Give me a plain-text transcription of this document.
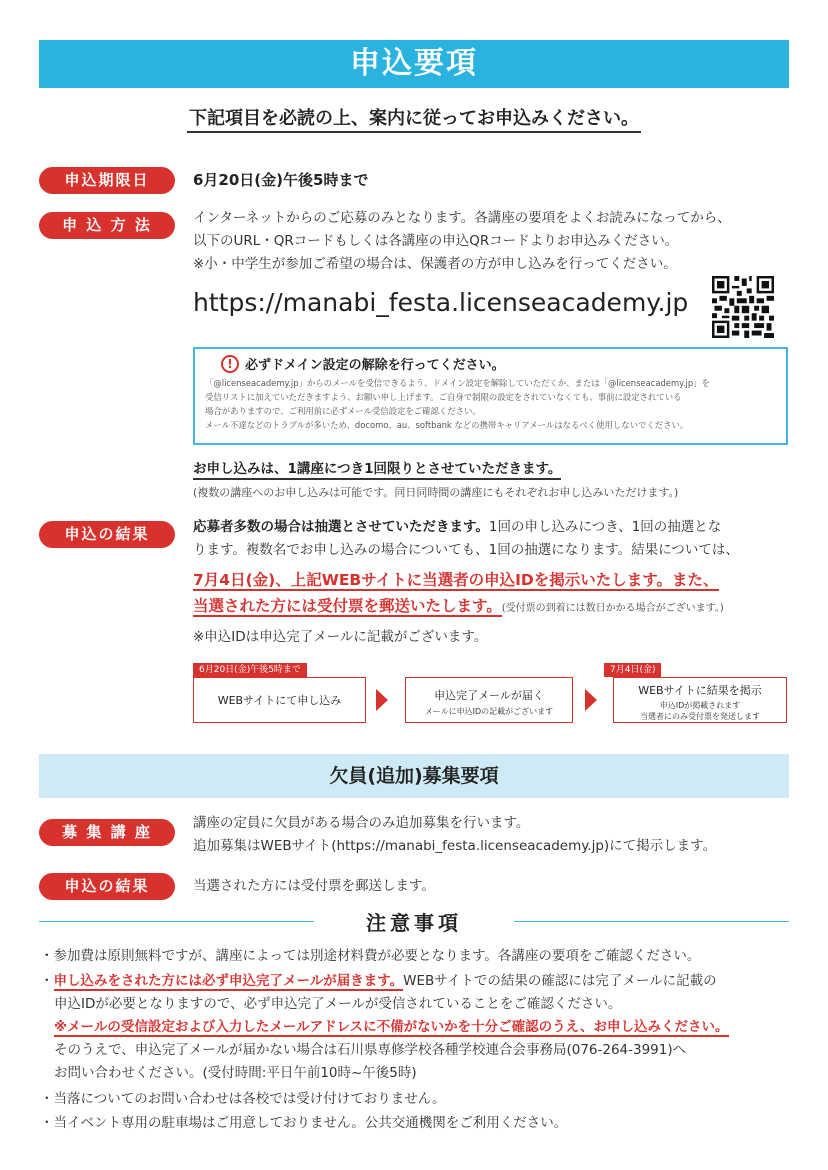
申込要項
下記項目を必読の上、案内に従ってお申込みください。
申込期限日	6月20日(金)午後5時まで
申 込 方 法	インターネットからのご応募のみとなります。各講座の要項をよくお読みになってから、
以下のURL・QRコードもしくは各講座の申込QRコードよりお申込みください。
※小・中学生が参加ご希望の場合は、保護者の方が申し込みを行ってください。
https://manabi_festa.licenseacademy.jp
! 必ずドメイン設定の解除を行ってください。
「@licenseacademy.jp」からのメールを受信できるよう、ドメイン設定を解除していただくか、または「@licenseacademy.jp」を
受信リストに加えていただきますよう、お願い申し上げます。ご自身で制限の設定をされていなくても、事前に設定されている
場合がありますので、ご利用前に必ずメール受信設定をご確認ください。
メール不達などのトラブルが多いため、docomo、au、softbank などの携帯キャリアメールはなるべく使用しないでください。
お申し込みは、1講座につき1回限りとさせていただきます。
(複数の講座へのお申し込みは可能です。同日同時間の講座にもそれぞれお申し込みいただけます。)
申込の結果	応募者多数の場合は抽選とさせていただきます。1回の申し込みにつき、1回の抽選とな
ります。複数名でお申し込みの場合についても、1回の抽選になります。結果については、
7月4日(金)、上記WEBサイトに当選者の申込IDを掲示いたします。また、
当選された方には受付票を郵送いたします。(受付票の到着には数日かかる場合がございます。)
※申込IDは申込完了メールに記載がございます。
6月20日(金)午後5時まで
WEBサイトにて申し込み	申込完了メールが届く
メールに申込IDの記載がございます
7月4日(金)
WEBサイトに結果を掲示
申込IDが掲載されます
当選者にのみ受付票を発送します
欠員(追加)募集要項
募 集 講 座	講座の定員に欠員がある場合のみ追加募集を行います。
追加募集はWEBサイト(https://manabi_festa.licenseacademy.jp)にて掲示します。
申込の結果	当選された方には受付票を郵送します。
注意事項
・参加費は原則無料ですが、講座によっては別途材料費が必要となります。各講座の要項をご確認ください。
・申し込みをされた方には必ず申込完了メールが届きます。WEBサイトでの結果の確認には完了メールに記載の
申込IDが必要となりますので、必ず申込完了メールが受信されていることをご確認ください。
※メールの受信設定および入力したメールアドレスに不備がないかを十分ご確認のうえ、お申し込みください。
そのうえで、申込完了メールが届かない場合は石川県専修学校各種学校連合会事務局(076-264-3991)へ
お問い合わせください。(受付時間:平日午前10時~午後5時)
・当落についてのお問い合わせは各校では受け付けておりません。
・当イベント専用の駐車場はご用意しておりません。公共交通機関をご利用ください。
